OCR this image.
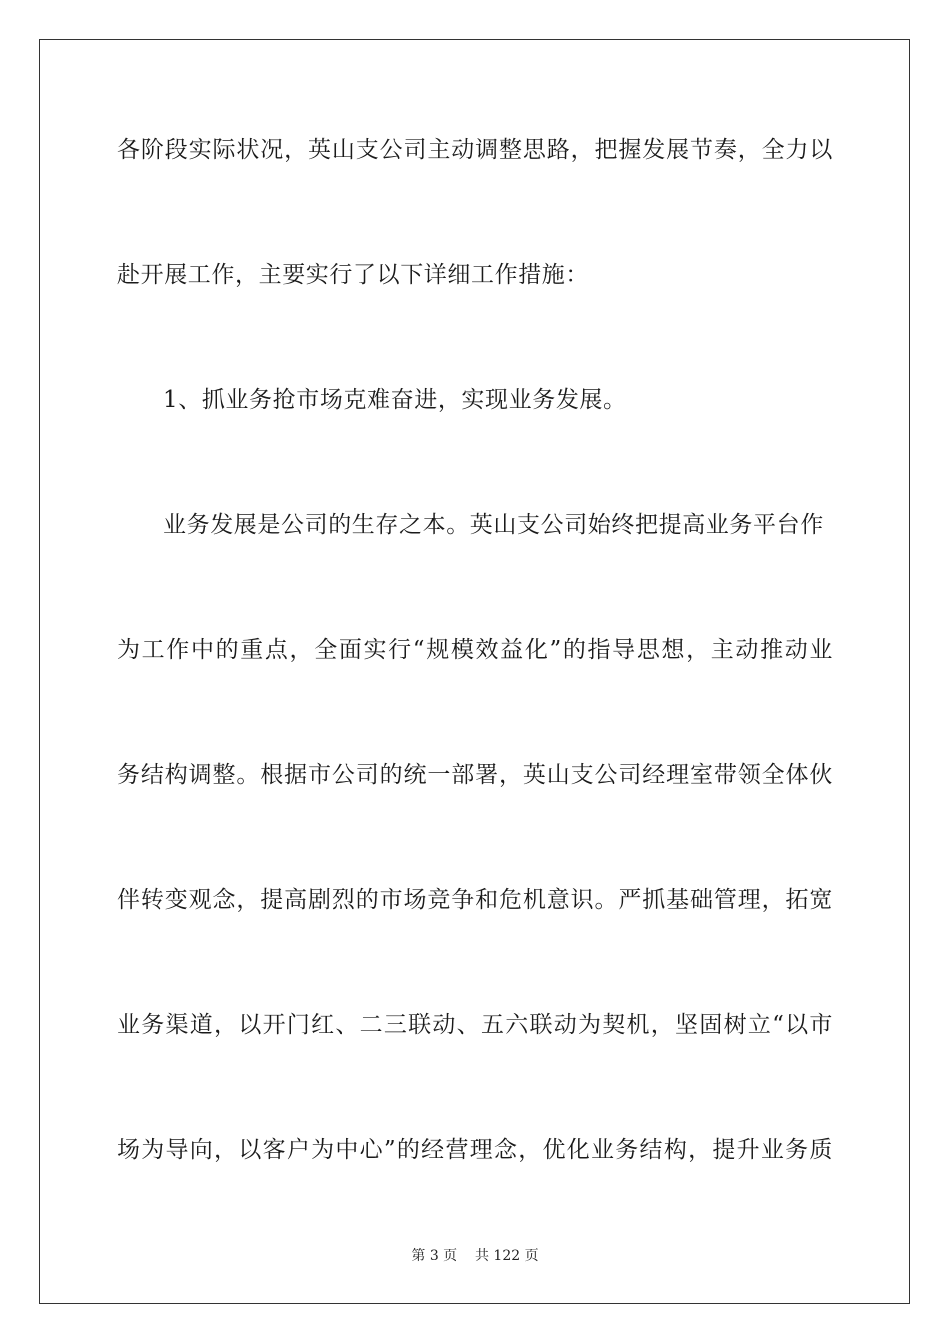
各阶段实际状况，英山支公司主动调整思路，把握发展节奏，全力以
赴开展工作，主要实行了以下详细工作措施：
1、抓业务抢市场克难奋进，实现业务发展。
业务发展是公司的生存之本。英山支公司始终把提高业务平台作
为工作中的重点，全面实行“规模效益化”的指导思想，主动推动业
务结构调整。根据市公司的统一部署，英山支公司经理室带领全体伙
伴转变观念，提高剧烈的市场竞争和危机意识。严抓基础管理，拓宽
业务渠道，以开门红、二三联动、五六联动为契机，坚固树立“以市
场为导向，以客户为中心”的经营理念，优化业务结构，提升业务质
第 3 页    共 122 页
